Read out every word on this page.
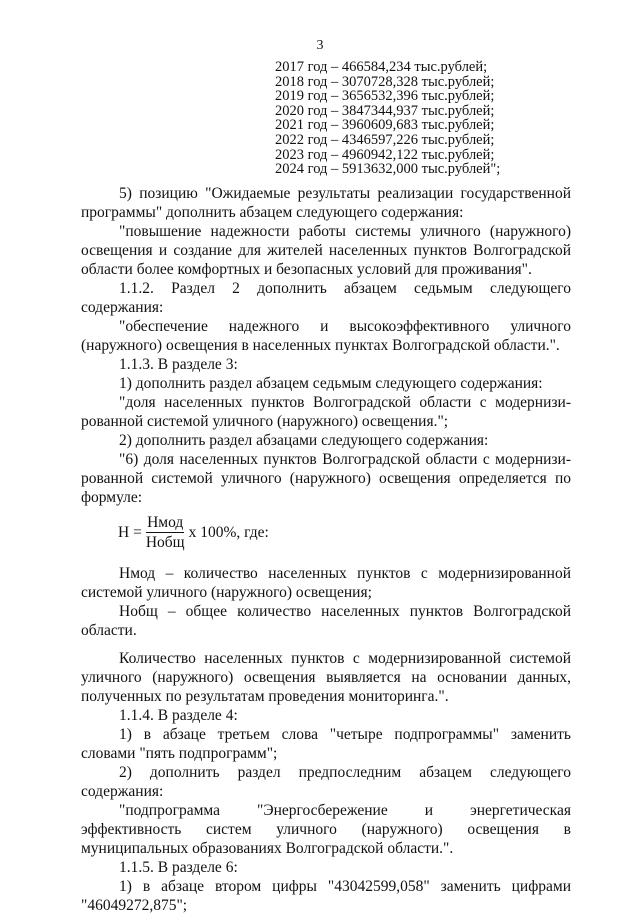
3
2017 год – 466584,234 тыс.рублей;
2018 год – 3070728,328 тыс.рублей;
2019 год – 3656532,396 тыс.рублей;
2020 год – 3847344,937 тыс.рублей;
2021 год – 3960609,683 тыс.рублей;
2022 год – 4346597,226 тыс.рублей;
2023 год – 4960942,122 тыс.рублей;
2024 год – 5913632,000 тыс.рублей";

5) позицию "Ожидаемые результаты реализации государственной программы" дополнить абзацем следующего содержания:

"повышение надежности работы системы уличного (наружного) освещения и создание для жителей населенных пунктов Волгоградской области более комфортных и безопасных условий для проживания".

1.1.2. Раздел 2 дополнить абзацем седьмым следующего содержания:

"обеспечение надежного и высокоэффективного уличного (наружного) освещения в населенных пунктах Волгоградской области.".

1.1.3. В разделе 3:

1) дополнить раздел абзацем седьмым следующего содержания:

"доля населенных пунктов Волгоградской области с модернизированной системой уличного (наружного) освещения.";

2) дополнить раздел абзацами следующего содержания:

"6) доля населенных пунктов Волгоградской области с модернизированной системой уличного (наружного) освещения определяется по формуле:

$Н = \frac{\text{Нмод}}{\text{Нобщ}}$ х 100%, где:

Нмод – количество населенных пунктов с модернизированной системой уличного (наружного) освещения;

Нобщ – общее количество населенных пунктов Волгоградской области.

Количество населенных пунктов с модернизированной системой уличного (наружного) освещения выявляется на основании данных, полученных по результатам проведения мониторинга.".

1.1.4. В разделе 4:

1) в абзаце третьем слова "четыре подпрограммы" заменить словами "пять подпрограмм";

2) дополнить раздел предпоследним абзацем следующего содержания:

"подпрограмма "Энергосбережение и энергетическая эффективность систем уличного (наружного) освещения в муниципальных образованиях Волгоградской области.".

1.1.5. В разделе 6:

1) в абзаце втором цифры "43042599,058" заменить цифрами "46049272,875";
